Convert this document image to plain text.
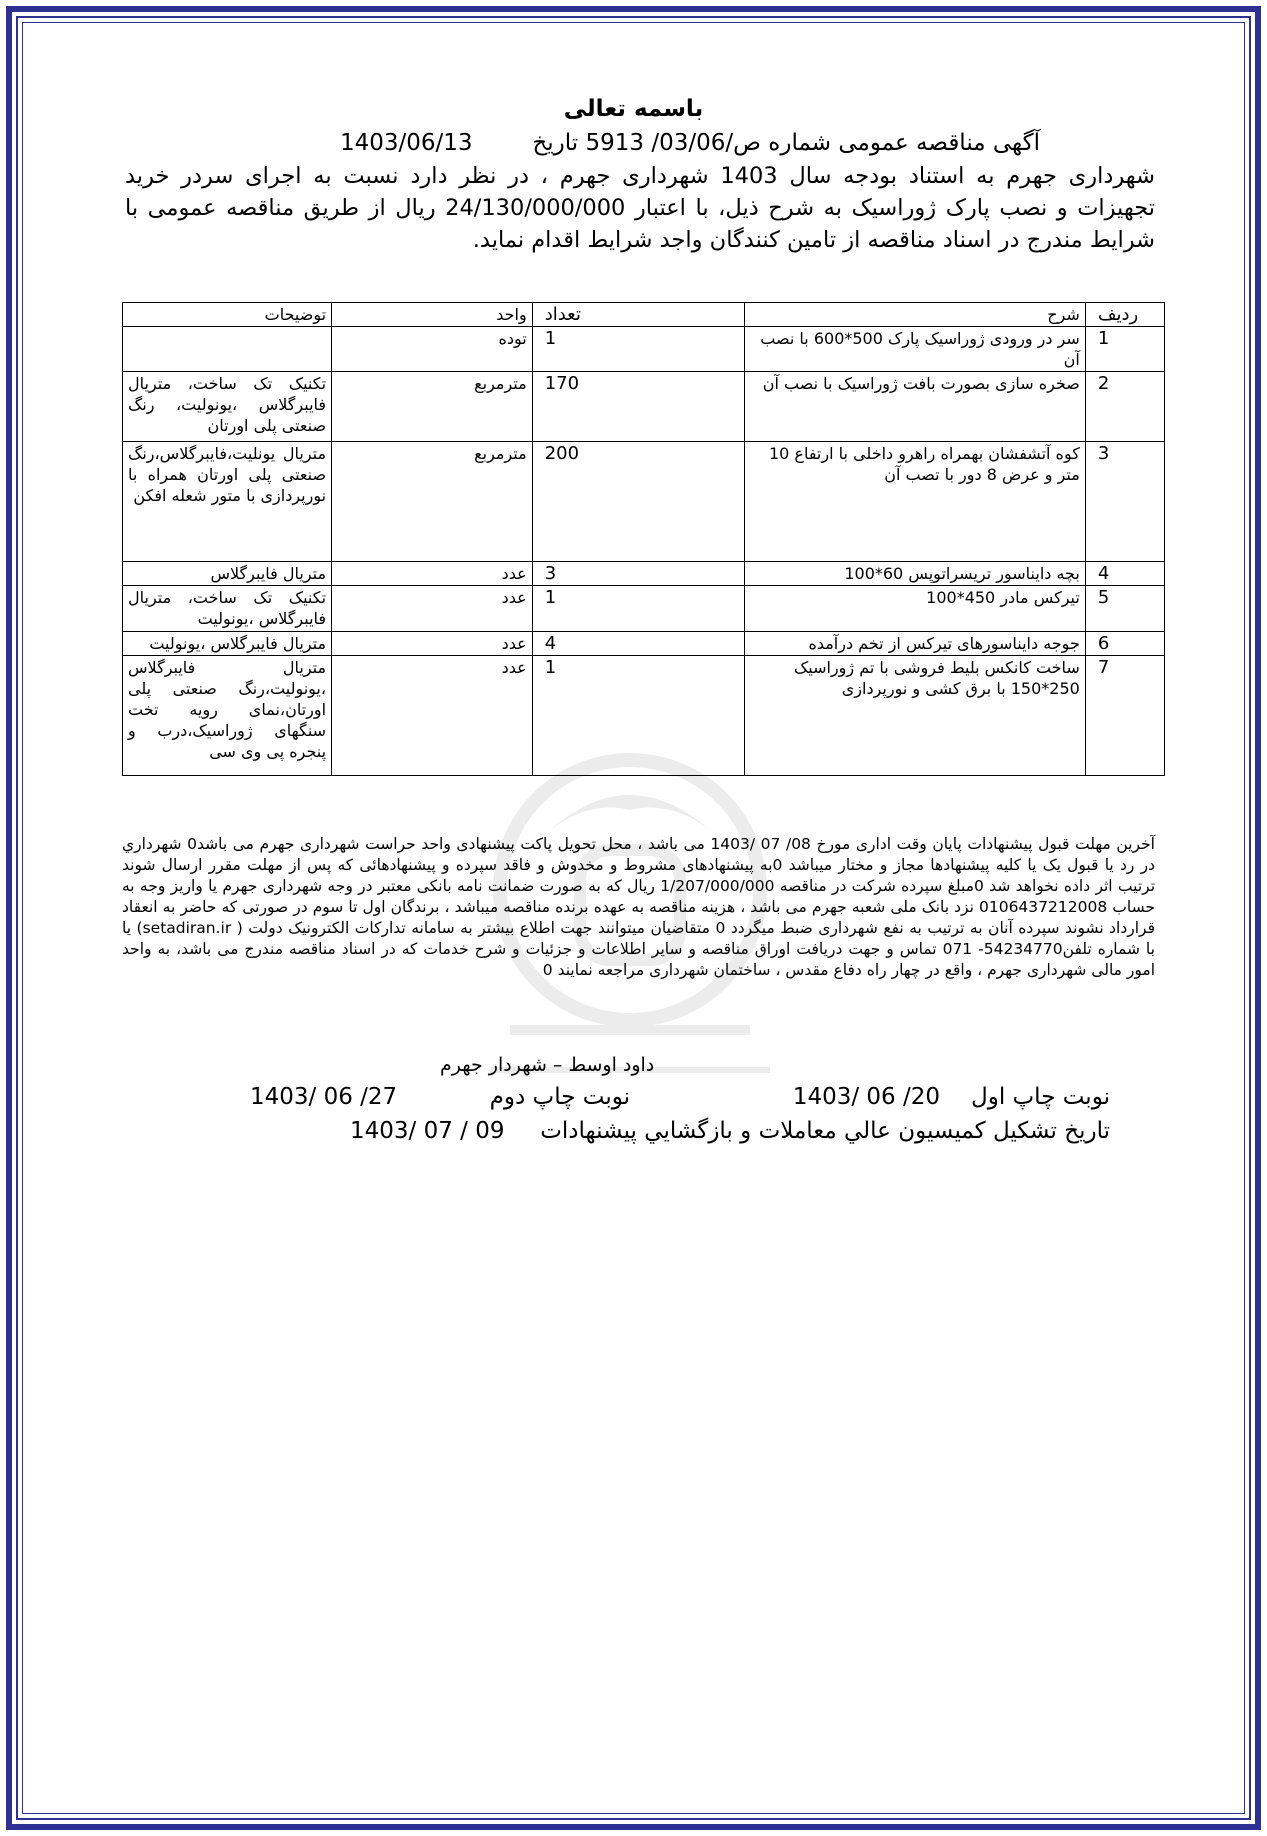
باسمه تعالی
آگهی مناقصه عمومی شماره ص/03/06/ 5913 تاریخ
1403/06/13
شهرداری جهرم به استناد بودجه سال 1403 شهرداری جهرم ، در نظر دارد نسبت به اجرای سردر خرید تجهیزات و نصب پارک ژوراسیک به شرح ذیل، با اعتبار 24/130/000/000 ریال از طریق مناقصه عمومی با شرایط مندرج در اسناد مناقصه از تامین کنندگان واجد شرایط اقدام نماید.
ردیف	شرح	تعداد	واحد	توضیحات
1	سر در ورودی ژوراسیک پارک 500*600 با نصب آن	1	توده	
2	صخره سازی بصورت بافت ژوراسیک با نصب آن	170	مترمربع	تکنیک تک ساخت، متریال فایبرگلاس ،یونولیت، رنگ صنعتی پلی اورتان
3	کوه آتشفشان بهمراه راهرو داخلی با ارتفاع 10 متر و عرض 8 دور با تصب آن	200	مترمربع	متریال یونلیت،فایبرگلاس،رنگ صنعتی پلی اورتان همراه با نورپردازی با متور شعله افکن
4	بچه دایناسور تریسراتوپس 60*100	3	عدد	متریال فایبرگلاس
5	تیرکس مادر 450*100	1	عدد	تکنیک تک ساخت، متریال فایبرگلاس ،یونولیت
6	جوجه دایناسورهای تیرکس از تخم درآمده	4	عدد	متریال فایبرگلاس ،یونولیت
7	ساخت کانکس بلیط فروشی با تم ژوراسیک 250*150 با برق کشی و نورپردازی	1	عدد	متریال فایبرگلاس ،یونولیت،رنگ صنعتی پلی اورتان،نمای رویه تخت سنگهای ژوراسیک،درب و پنجره پی وی سی
آخرین مهلت قبول پیشنهادات پایان وقت اداری مورخ 08/ 07 /1403 می باشد ، محل تحویل پاکت پیشنهادی واحد حراست شهرداری جهرم می باشد0 شهرداري در رد یا قبول یک یا کلیه پیشنهادها مجاز و مختار میباشد 0به پیشنهادهای مشروط و مخدوش و فاقد سپرده و پیشنهادهائی که پس از مهلت مقرر ارسال شوند ترتیب اثر داده نخواهد شد 0مبلغ سپرده شرکت در مناقصه 1/207/000/000 ریال که به صورت ضمانت نامه بانکی معتبر در وجه شهرداری جهرم یا واریز وجه به حساب 0106437212008 نزد بانک ملی شعبه جهرم می باشد ، هزینه مناقصه به عهده برنده مناقصه میباشد ، برندگان اول تا سوم در صورتی که حاضر به انعقاد قرارداد نشوند سپرده آنان به ترتیب به نفع شهرداری ضبط میگردد 0 متقاضیان میتوانند جهت اطلاع بیشتر به سامانه تدارکات الکترونیک دولت ( setadiran.ir) یا با شماره تلفن54234770- 071 تماس و جهت دریافت اوراق مناقصه و سایر اطلاعات و جزئیات و شرح خدمات که در اسناد مناقصه مندرج می باشد، به واحد امور مالی شهرداری جهرم ، واقع در چهار راه دفاع مقدس ، ساختمان شهرداری مراجعه نمایند 0
داود اوسط – شهردار جهرم
نوبت چاپ اول
1403/ 06 /20
نوبت چاپ دوم
1403/ 06 /27
تاريخ تشكيل كميسيون عالي معاملات و بازگشايي پيشنهادات
1403/ 07 / 09
